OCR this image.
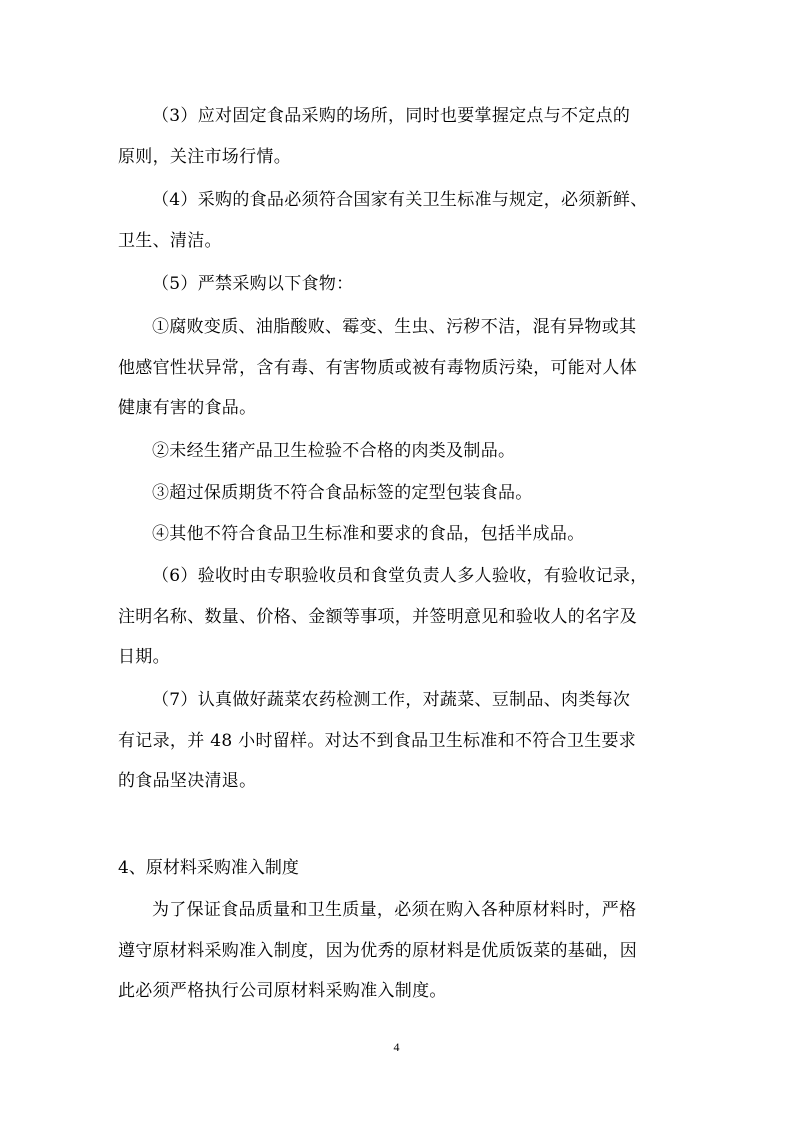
（3）应对固定食品采购的场所，同时也要掌握定点与不定点的
原则，关注市场行情。
（4）采购的食品必须符合国家有关卫生标准与规定，必须新鲜、
卫生、清洁。
（5）严禁采购以下食物：
①腐败变质、油脂酸败、霉变、生虫、污秽不洁，混有异物或其
他感官性状异常，含有毒、有害物质或被有毒物质污染，可能对人体
健康有害的食品。
②未经生猪产品卫生检验不合格的肉类及制品。
③超过保质期货不符合食品标签的定型包装食品。
④其他不符合食品卫生标准和要求的食品，包括半成品。
（6）验收时由专职验收员和食堂负责人多人验收，有验收记录，
注明名称、数量、价格、金额等事项，并签明意见和验收人的名字及
日期。
（7）认真做好蔬菜农药检测工作，对蔬菜、豆制品、肉类每次
有记录，并 48 小时留样。对达不到食品卫生标准和不符合卫生要求
的食品坚决清退。
4、原材料采购准入制度
为了保证食品质量和卫生质量，必须在购入各种原材料时，严格
遵守原材料采购准入制度，因为优秀的原材料是优质饭菜的基础，因
此必须严格执行公司原材料采购准入制度。
4
